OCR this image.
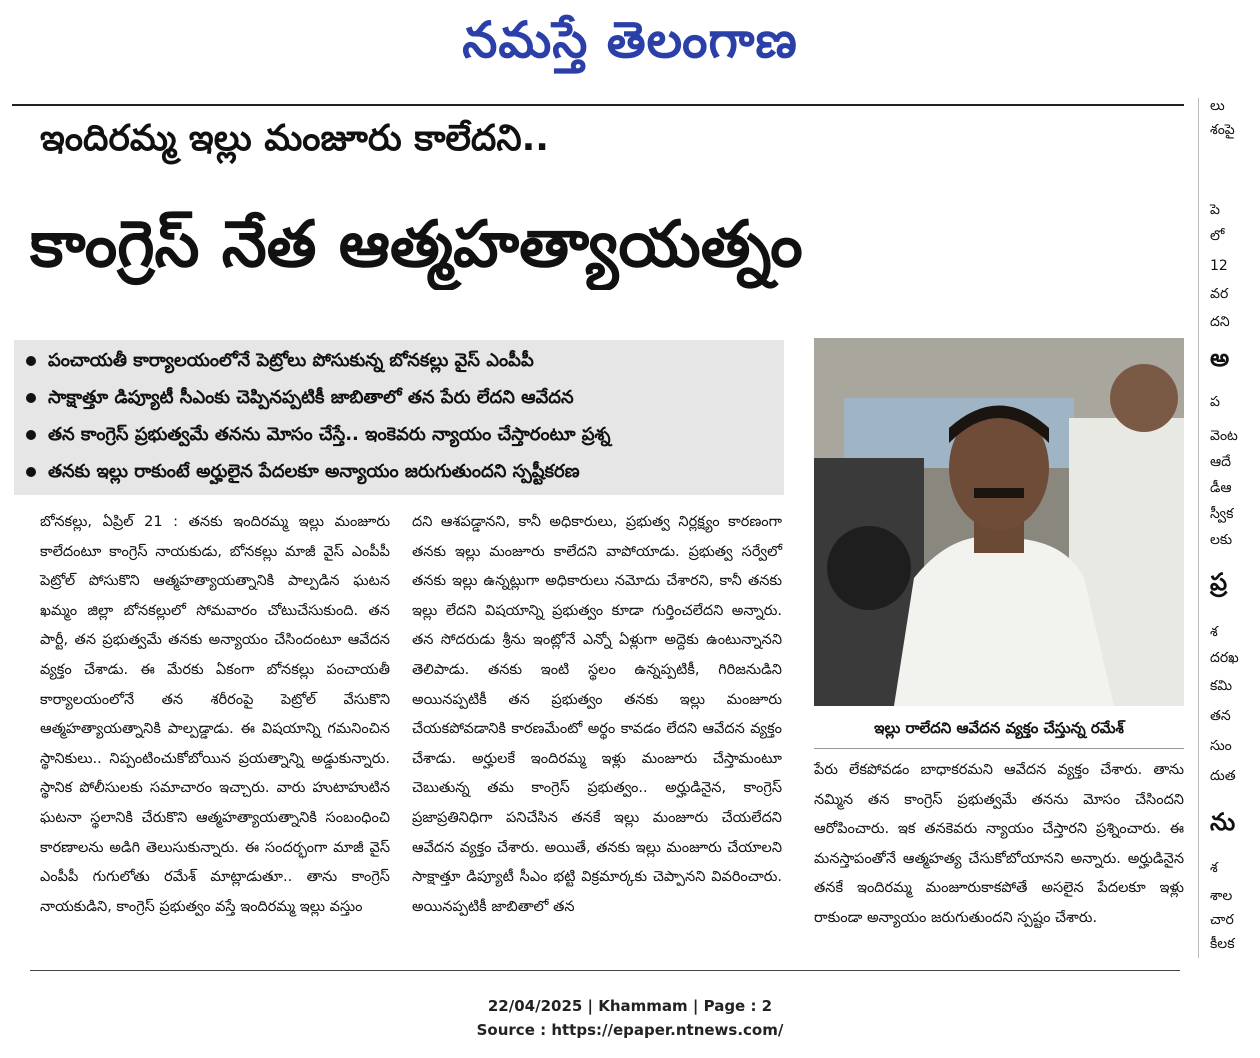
నమస్తే తెలంగాణ
ఇందిరమ్మ ఇల్లు మంజూరు కాలేదని..
కాంగ్రెస్‌ నేత ఆత్మహత్యాయత్నం
పంచాయతీ కార్యాలయంలోనే పెట్రోలు పోసుకున్న బోనకల్లు వైస్‌ ఎంపీపీ
సాక్షాత్తూ డిప్యూటీ సీఎంకు చెప్పినప్పటికీ జాబితాలో తన పేరు లేదని ఆవేదన
తన కాంగ్రెస్‌ ప్రభుత్వమే తనను మోసం చేస్తే.. ఇంకెవరు న్యాయం చేస్తారంటూ ప్రశ్న
తనకు ఇల్లు రాకుంటే అర్హులైన పేదలకూ అన్యాయం జరుగుతుందని స్పష్టీకరణ

బోనకల్లు, ఏప్రిల్‌ 21 : తనకు ఇందిరమ్మ ఇల్లు మంజూరు కాలేదంటూ కాంగ్రెస్‌ నాయకుడు, బోనకల్లు మాజీ వైస్‌ ఎంపీపీ పెట్రోల్‌ పోసుకొని ఆత్మహత్యాయత్నానికి పాల్పడిన ఘటన ఖమ్మం జిల్లా బోనకల్లులో సోమవారం చోటుచేసుకుంది. తన పార్టీ, తన ప్రభుత్వమే తనకు అన్యాయం చేసిందంటూ ఆవేదన వ్యక్తం చేశాడు. ఈ మేరకు ఏకంగా బోనకల్లు పంచాయతీ కార్యాలయంలోనే తన శరీరంపై పెట్రోల్‌ వేసుకొని ఆత్మహత్యాయత్నానికి పాల్పడ్డాడు. ఈ విషయాన్ని గమనించిన స్థానికులు.. నిప్పంటించుకోబోయిన ప్రయత్నాన్ని అడ్డుకున్నారు. స్థానిక పోలీసులకు సమాచారం ఇచ్చారు. వారు హుటాహుటిన ఘటనా స్థలానికి చేరుకొని ఆత్మహత్యాయత్నానికి సంబంధించి కారణాలను అడిగి తెలుసుకున్నారు. ఈ సందర్భంగా మాజీ వైస్‌ ఎంపీపీ గుగులోతు రమేశ్‌ మాట్లాడుతూ.. తాను కాంగ్రెస్‌ నాయకుడిని, కాంగ్రెస్‌ ప్రభుత్వం వస్తే ఇందిరమ్మ ఇల్లు వస్తుం

దని ఆశపడ్డానని, కానీ అధికారులు, ప్రభుత్వ నిర్లక్ష్యం కారణంగా తనకు ఇల్లు మంజూరు కాలేదని వాపోయాడు. ప్రభుత్వ సర్వేలో తనకు ఇల్లు ఉన్నట్లుగా అధికారులు నమోదు చేశారని, కానీ తనకు ఇల్లు లేదని విషయాన్ని ప్రభుత్వం కూడా గుర్తించలేదని అన్నారు. తన సోదరుడు శ్రీను ఇంట్లోనే ఎన్నో ఏళ్లుగా అద్దెకు ఉంటున్నానని తెలిపాడు. తనకు ఇంటి స్థలం ఉన్నప్పటికీ, గిరిజనుడిని అయినప్పటికీ తన ప్రభుత్వం తనకు ఇల్లు మంజూరు చేయకపోవడానికి కారణమేంటో అర్థం కావడం లేదని ఆవేదన వ్యక్తం చేశాడు. అర్హులకే ఇందిరమ్మ ఇళ్లు మంజూరు చేస్తామంటూ చెబుతున్న తమ కాంగ్రెస్‌ ప్రభుత్వం.. అర్హుడినైన, కాంగ్రెస్‌ ప్రజాప్రతినిధిగా పనిచేసిన తనకే ఇల్లు మంజూరు చేయలేదని ఆవేదన వ్యక్తం చేశారు. అయితే, తనకు ఇల్లు మంజూరు చేయాలని సాక్షాత్తూ డిప్యూటీ సీఎం భట్టి విక్రమార్కకు చెప్పానని వివరించారు. అయినప్పటికీ జాబితాలో తన

ఇల్లు రాలేదని ఆవేదన వ్యక్తం చేస్తున్న రమేశ్‌

పేరు లేకపోవడం బాధాకరమని ఆవేదన వ్యక్తం చేశారు. తాను నమ్మిన తన కాంగ్రెస్‌ ప్రభుత్వమే తనను మోసం చేసిందని ఆరోపించారు. ఇక తనకెవరు న్యాయం చేస్తారని ప్రశ్నించారు. ఈ మనస్తాపంతోనే ఆత్మహత్య చేసుకోబోయానని అన్నారు. అర్హుడినైన తనకే ఇందిరమ్మ మంజూరుకాకపోతే అసలైన పేదలకూ ఇళ్లు రాకుండా అన్యాయం జరుగుతుందని స్పష్టం చేశారు.

లు
శంపై
పె
లో
12
వర
దని
అ
ప
వెంట
ఆదే
డీఆ
స్వీక
లకు
ప్ర
శ
దరఖ
కమి
తన
సుం
దుత
ను
శ
శాల
చార
కీలక
22/04/2025 | Khammam | Page : 2
Source : https://epaper.ntnews.com/
